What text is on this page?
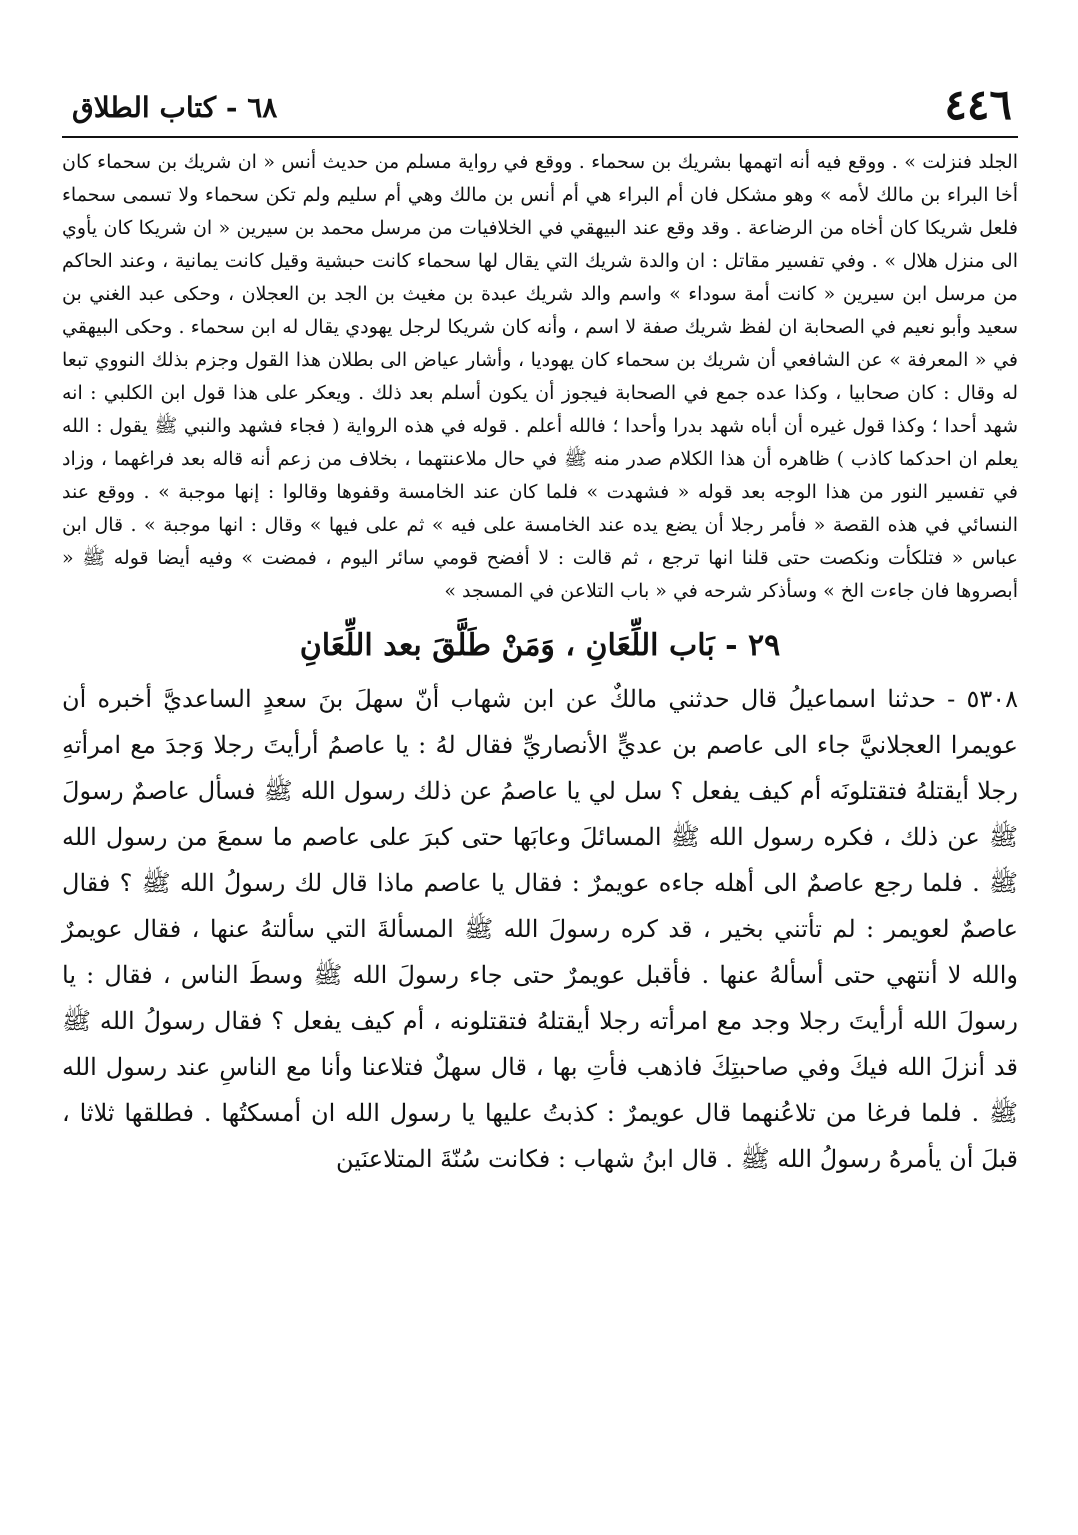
٤٤٦
٦٨ - كتاب الطلاق

الجلد فنزلت » . ووقع فيه أنه اتهمها بشريك بن سحماء . ووقع في رواية مسلم من حديث أنس « ان شريك بن سحماء كان أخا البراء بن مالك لأمه » وهو مشكل فان أم البراء هي أم أنس بن مالك وهي أم سليم ولم تكن سحماء ولا تسمى سحماء فلعل شريكا كان أخاه من الرضاعة . وقد وقع عند البيهقي في الخلافيات من مرسل محمد بن سيرين « ان شريكا كان يأوي الى منزل هلال » . وفي تفسير مقاتل : ان والدة شريك التي يقال لها سحماء كانت حبشية وقيل كانت يمانية ، وعند الحاكم من مرسل ابن سيرين « كانت أمة سوداء » واسم والد شريك عبدة بن مغيث بن الجد بن العجلان ، وحكى عبد الغني بن سعيد وأبو نعيم في الصحابة ان لفظ شريك صفة لا اسم ، وأنه كان شريكا لرجل يهودي يقال له ابن سحماء . وحكى البيهقي في « المعرفة » عن الشافعي أن شريك بن سحماء كان يهوديا ، وأشار عياض الى بطلان هذا القول وجزم بذلك النووي تبعا له وقال : كان صحابيا ، وكذا عده جمع في الصحابة فيجوز أن يكون أسلم بعد ذلك . ويعكر على هذا قول ابن الكلبي : انه شهد أحدا ؛ وكذا قول غيره أن أباه شهد بدرا وأحدا ؛ فالله أعلم . قوله في هذه الرواية ( فجاء فشهد والنبي ﷺ يقول : الله يعلم ان احدكما كاذب ) ظاهره أن هذا الكلام صدر منه ﷺ في حال ملاعنتهما ، بخلاف من زعم أنه قاله بعد فراغهما ، وزاد في تفسير النور من هذا الوجه بعد قوله « فشهدت » فلما كان عند الخامسة وقفوها وقالوا : إنها موجبة » . ووقع عند النسائي في هذه القصة « فأمر رجلا أن يضع يده عند الخامسة على فيه » ثم على فيها » وقال : انها موجبة » . قال ابن عباس « فتلكأت ونكصت حتى قلنا انها ترجع ، ثم قالت : لا أفضح قومي سائر اليوم ، فمضت » وفيه أيضا قوله ﷺ « أبصروها فان جاءت الخ » وسأذكر شرحه في « باب التلاعن في المسجد »

٢٩ - بَاب اللِّعَانِ ، وَمَنْ طَلَّقَ بعد اللِّعَانِ

٥٣٠٨ - حدثنا اسماعيلُ قال حدثني مالكٌ عن ابن شهاب أنّ سهلَ بنَ سعدٍ الساعديَّ أخبره أن عويمرا العجلانيَّ جاء الى عاصم بن عديٍّ الأنصاريِّ فقال لهُ : يا عاصمُ أرأيتَ رجلا وَجدَ مع امرأتهِ رجلا أيقتلهُ فتقتلونَه أم كيف يفعل ؟ سل لي يا عاصمُ عن ذلك رسول الله ﷺ فسأل عاصمٌ رسولَ ﷺ عن ذلك ، فكره رسول الله ﷺ المسائلَ وعابَها حتى كبرَ على عاصم ما سمعَ من رسول الله ﷺ . فلما رجع عاصمٌ الى أهله جاءه عويمرٌ : فقال يا عاصم ماذا قال لك رسولُ الله ﷺ ؟ فقال عاصمٌ لعويمر : لم تأتني بخير ، قد كره رسولَ الله ﷺ المسألةَ التي سألتهُ عنها ، فقال عويمرٌ والله لا أنتهي حتى أسألهُ عنها . فأقبل عويمرٌ حتى جاء رسولَ الله ﷺ وسطَ الناس ، فقال : يا رسولَ الله أرأيتَ رجلا وجد مع امرأته رجلا أيقتلهُ فتقتلونه ، أم كيف يفعل ؟ فقال رسولُ الله ﷺ قد أنزلَ الله فيكَ وفي صاحبتِكَ فاذهب فأتِ بها ، قال سهلٌ فتلاعنا وأنا مع الناسِ عند رسول الله ﷺ . فلما فرغا من تلاعُنهما قال عويمرٌ : كذبتُ عليها يا رسول الله ان أمسكتُها . فطلقها ثلاثا ، قبلَ أن يأمرهُ رسولُ الله ﷺ . قال ابنُ شهاب : فكانت سُنّةَ المتلاعنَين
